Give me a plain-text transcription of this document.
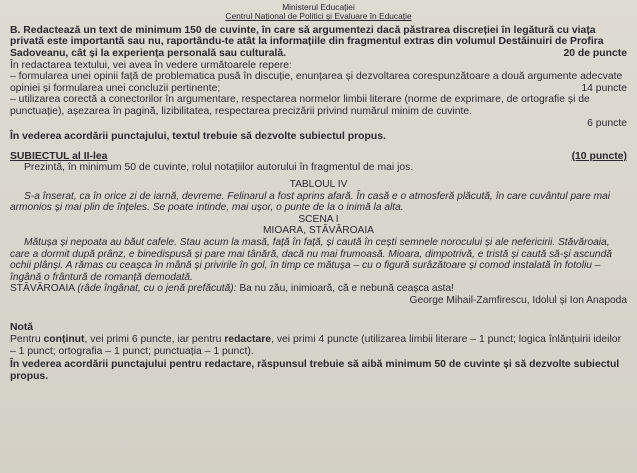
Ministerul Educației
Centrul Național de Politici și Evaluare în Educație

B. Redactează un text de minimum 150 de cuvinte, în care să argumentezi dacă păstrarea discreției în legătură cu viața privată este importantă sau nu, raportându-te atât la informațiile din fragmentul extras din volumul Destăinuiri de Profira Sadoveanu, cât și la experiența personală sau culturală.	20 de puncte

În redactarea textului, vei avea în vedere următoarele repere:

– formularea unei opinii față de problematica pusă în discuție, enunțarea și dezvoltarea corespunzătoare a două argumente adecvate opiniei și formularea unei concluzii pertinente;	14 puncte

– utilizarea corectă a conectorilor în argumentare, respectarea normelor limbii literare (norme de exprimare, de ortografie și de punctuație), așezarea în pagină, lizibilitatea, respectarea precizării privind numărul minim de cuvinte.

6 puncte

În vederea acordării punctajului, textul trebuie să dezvolte subiectul propus.

SUBIECTUL al II-lea	(10 puncte)

Prezintă, în minimum 50 de cuvinte, rolul notațiilor autorului în fragmentul de mai jos.

TABLOUL IV

S-a înserat, ca în orice zi de iarnă, devreme. Felinarul a fost aprins afară. În casă e o atmosferă plăcută, în care cuvântul pare mai armonios și mai plin de înțeles. Se poate intinde, mai ușor, o punte de la o inimă la alta.

SCENA I

MIOARA, STĂVĂROAIA

Mătușa și nepoata au băut cafele. Stau acum la masă, față în față, și caută în cești semnele norocului și ale nefericirii. Stăvăroaia, care a dormit după prânz, e binedispusă și pare mai tânără, dacă nu mai frumoasă. Mioara, dimpotrivă, e tristă și caută să-și ascundă ochii plânși. A rămas cu ceașca în mână și privirile în gol, în timp ce mătușa – cu o figură surâzătoare și comod instalată în fotoliu – îngână o frântură de romanță demodată.

STĂVĂROAIA (râde îngânat, cu o jenă prefăcută): Ba nu zău, inimioară, că e nebună ceașca asta!

George Mihail-Zamfirescu, Idolul și Ion Anapoda

Notă

Pentru conținut, vei primi 6 puncte, iar pentru redactare, vei primi 4 puncte (utilizarea limbii literare – 1 punct; logica înlănțuirii ideilor – 1 punct; ortografia – 1 punct; punctuația – 1 punct).

În vederea acordării punctajului pentru redactare, răspunsul trebuie să aibă minimum 50 de cuvinte și să dezvolte subiectul propus.
